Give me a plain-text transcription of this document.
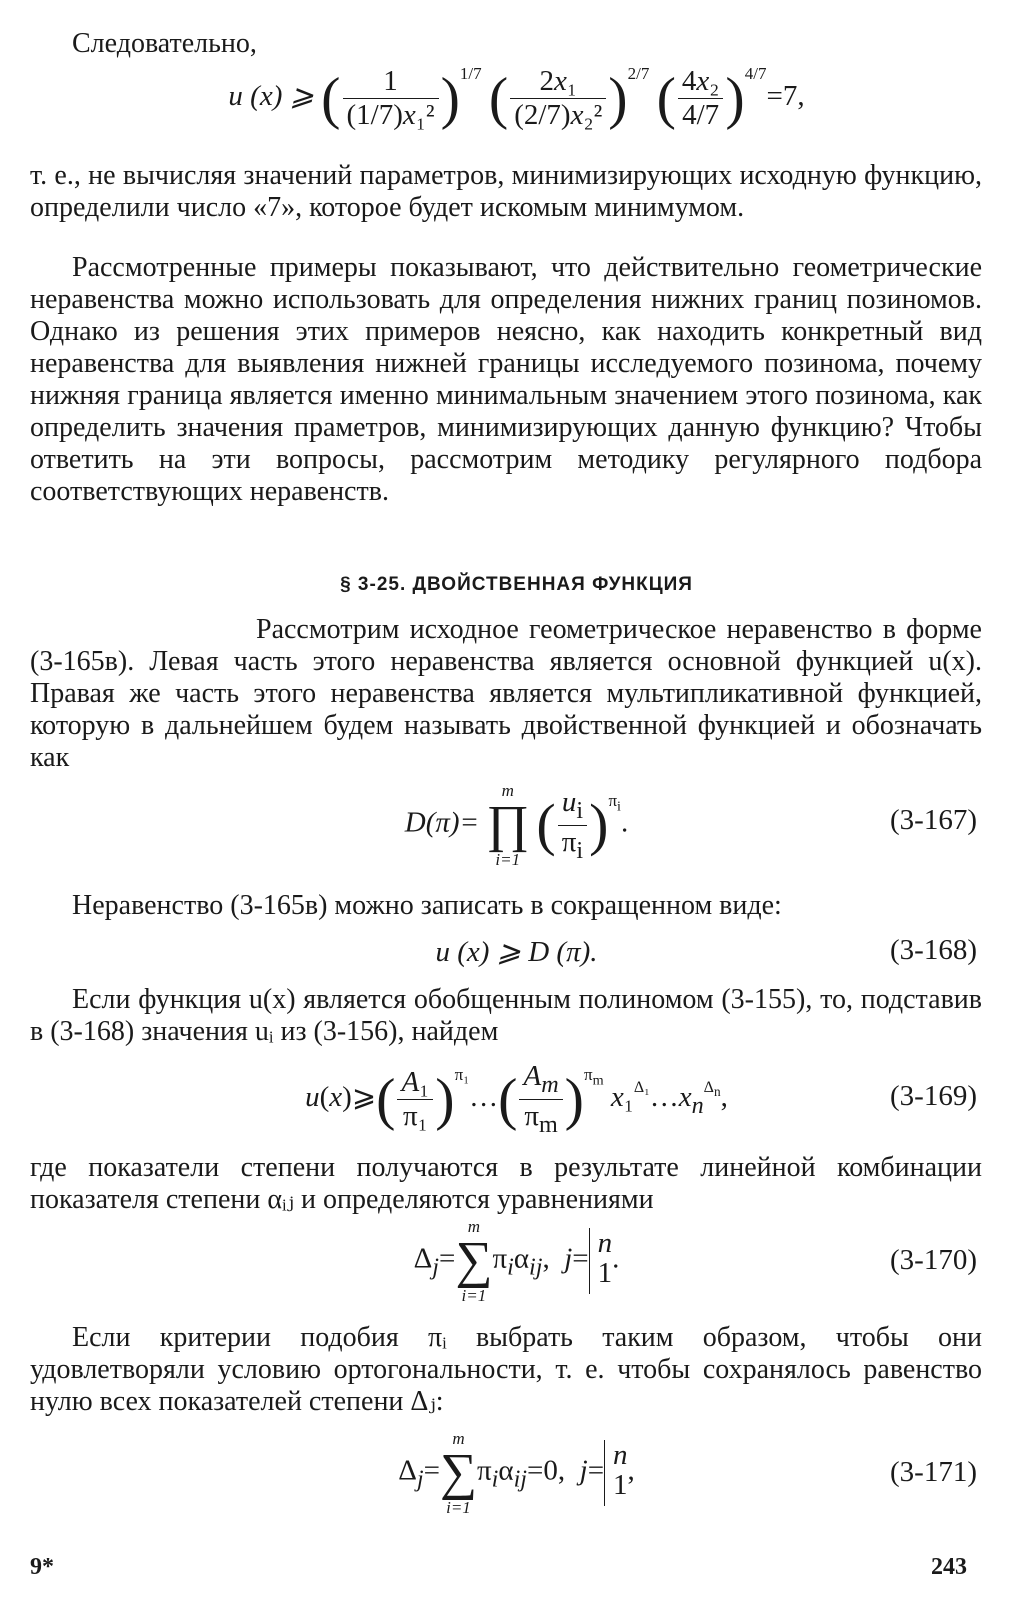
Следовательно,

u (x) ⩾ ( $\frac{1}{\text{(1/7)x₁²}} )^{1/7}$ ( $\frac{\text{2x₁}}{\text{(2/7)x₂²}} )^{2/7}$ ( $\frac{\text{4x₂}}{4/7} )^{4/7}=7$,

т. е., не вычисляя значений параметров, минимизирующих исходную функцию, определили число «7», которое будет искомым минимумом.

Рассмотренные примеры показывают, что действительно геометрические неравенства можно использовать для определения нижних границ позиномов. Однако из решения этих примеров неясно, как находить конкретный вид неравенства для выявления нижней границы исследуемого позинома, почему нижняя граница является именно минимальным значением этого позинома, как определить значения праметров, минимизирующих данную функцию? Чтобы ответить на эти вопросы, рассмотрим методику регулярного подбора соответствующих неравенств.

§ 3-25. ДВОЙСТВЕННАЯ ФУНКЦИЯ

Рассмотрим исходное геометрическое неравенство в форме (3-165в). Левая часть этого неравенства является основной функцией u(x). Правая же часть этого неравенства является мультипликативной функцией, которую в дальнейшем будем называть двойственной функцией и обозначать как

D(π)=
m
∏
i=1
( $\frac{u_i}{\pi_i} )^{\pi_i}$.	(3-167)

Неравенство (3-165в) можно записать в сокращенном виде:

u (x) ⩾ D (π).	(3-168)

Если функция u(x) является обобщенным полиномом (3-155), то, подставив в (3-168) значения uᵢ из (3-156), найдем

u(x)⩾( $\frac{\text{A₁}}{\text{π₁}}$ )$^{\pi_1}$…( $\frac{A_m}{\pi_m} )^{\pi_m}$ $x_1^{\Delta_1}\dots x_n^{\Delta_n}$,	(3-169)

где показатели степени получаются в результате линейной комбинации показателя степени αᵢⱼ и определяются уравнениями

$\Delta_j=$
m
∑
i=1
$\pi_i\alpha_{ij}$,  j= n
1 .	(3-170)

Если критерии подобия πᵢ выбрать таким образом, чтобы они удовлетворяли условию ортогональности, т. е. чтобы сохранялось равенство нулю всех показателей степени Δⱼ:

$\Delta_j=$
m
∑
i=1
$\pi_i\alpha_{ij}=0$,  j= n
1 ,	(3-171)
9*	243
